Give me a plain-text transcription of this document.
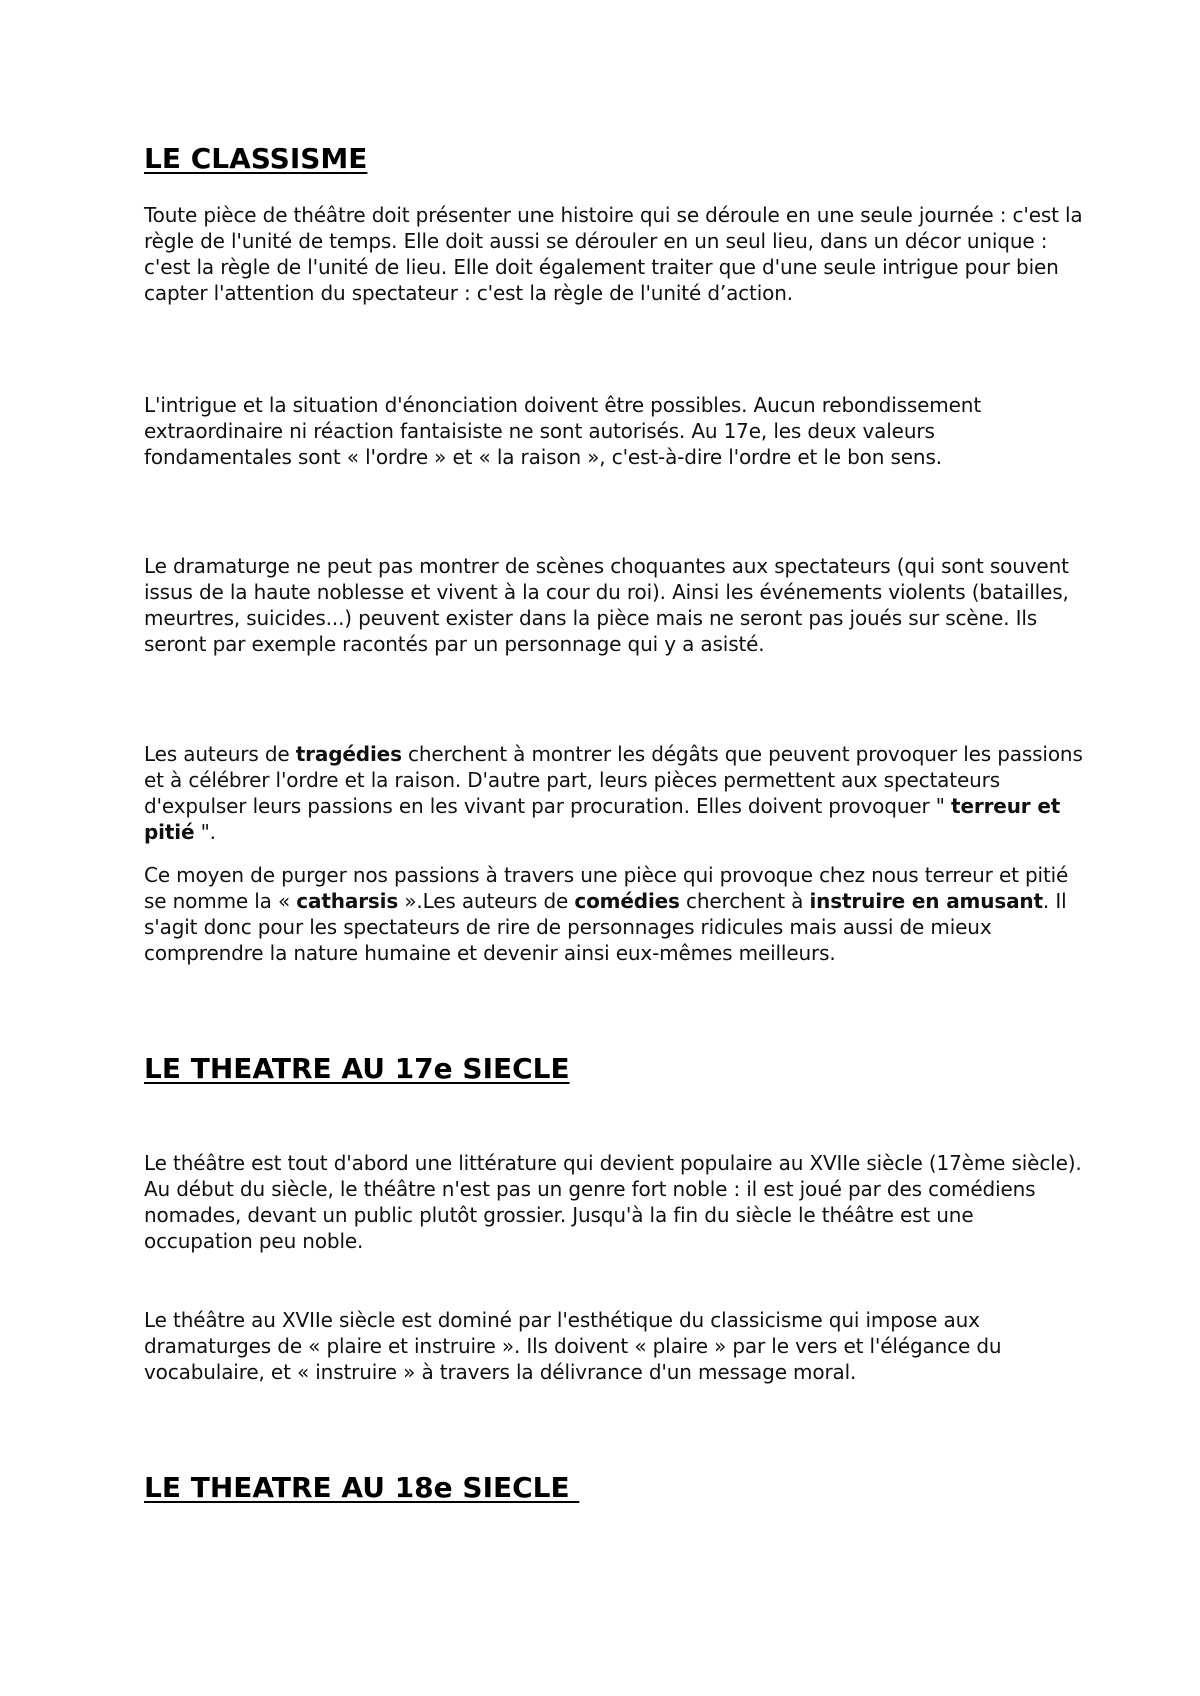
LE CLASSISME

Toute pièce de théâtre doit présenter une histoire qui se déroule en une seule journée : c'est la règle de l'unité de temps. Elle doit aussi se dérouler en un seul lieu, dans un décor unique : c'est la règle de l'unité de lieu. Elle doit également traiter que d'une seule intrigue pour bien capter l'attention du spectateur : c'est la règle de l'unité d’action.

L'intrigue et la situation d'énonciation doivent être possibles. Aucun rebondissement extraordinaire ni réaction fantaisiste ne sont autorisés. Au 17e, les deux valeurs fondamentales sont « l'ordre » et « la raison », c'est-à-dire l'ordre et le bon sens.

Le dramaturge ne peut pas montrer de scènes choquantes aux spectateurs (qui sont souvent issus de la haute noblesse et vivent à la cour du roi). Ainsi les événements violents (batailles, meurtres, suicides...) peuvent exister dans la pièce mais ne seront pas joués sur scène. Ils seront par exemple racontés par un personnage qui y a asisté.

Les auteurs de tragédies cherchent à montrer les dégâts que peuvent provoquer les passions et à célébrer l'ordre et la raison. D'autre part, leurs pièces permettent aux spectateurs d'expulser leurs passions en les vivant par procuration. Elles doivent provoquer " terreur et pitié ".

Ce moyen de purger nos passions à travers une pièce qui provoque chez nous terreur et pitié se nomme la « catharsis ».Les auteurs de comédies cherchent à instruire en amusant. Il s'agit donc pour les spectateurs de rire de personnages ridicules mais aussi de mieux comprendre la nature humaine et devenir ainsi eux-mêmes meilleurs.

LE THEATRE AU 17e SIECLE

Le théâtre est tout d'abord une littérature qui devient populaire au XVIIe siècle (17ème siècle). Au début du siècle, le théâtre n'est pas un genre fort noble : il est joué par des comédiens nomades, devant un public plutôt grossier. Jusqu'à la fin du siècle le théâtre est une occupation peu noble.

Le théâtre au XVIIe siècle est dominé par l'esthétique du classicisme qui impose aux dramaturges de « plaire et instruire ». Ils doivent « plaire » par le vers et l'élégance du vocabulaire, et « instruire » à travers la délivrance d'un message moral.

LE THEATRE AU 18e SIECLE
